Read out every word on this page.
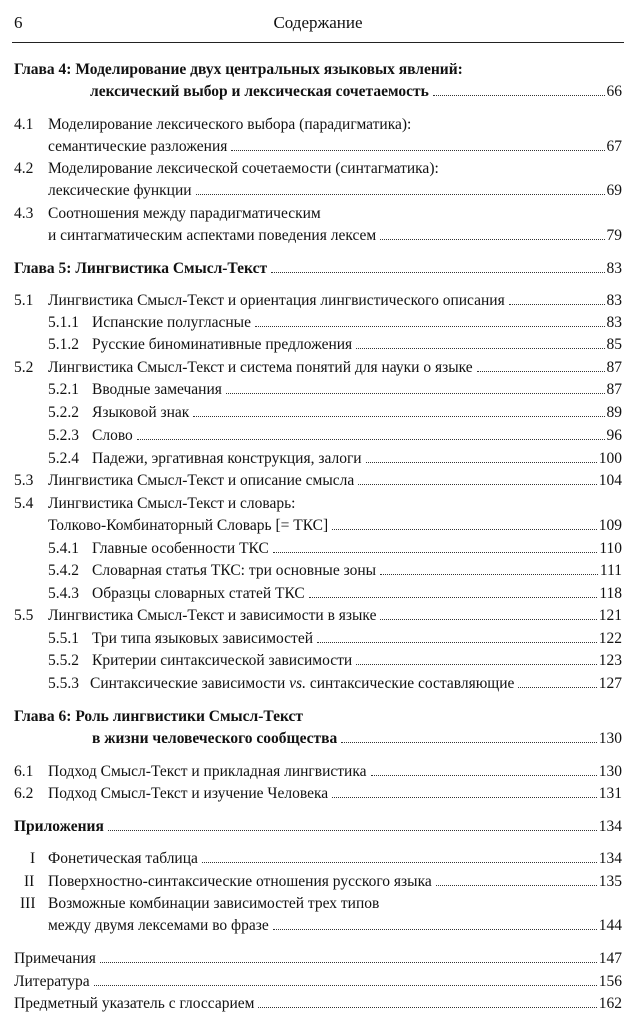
6	Содержание
Глава 4: Моделирование двух центральных языковых явлений:
лексический выбор и лексическая сочетаемость	66
4.1 Моделирование лексического выбора (парадигматика):
семантические разложения	67
4.2 Моделирование лексической сочетаемости (синтагматика):
лексические функции	69
4.3 Соотношения между парадигматическим
и синтагматическим аспектами поведения лексем	79
Глава 5: Лингвистика Смысл-Текст	83
5.1 Лингвистика Смысл-Текст и ориентация лингвистического описания	83
5.1.1 Испанские полугласные	83
5.1.2 Русские биноминативные предложения	85
5.2 Лингвистика Смысл-Текст и система понятий для науки о языке	87
5.2.1 Вводные замечания	87
5.2.2 Языковой знак	89
5.2.3 Слово	96
5.2.4 Падежи, эргативная конструкция, залоги	100
5.3 Лингвистика Смысл-Текст и описание смысла	104
5.4 Лингвистика Смысл-Текст и словарь:
Толково-Комбинаторный Словарь [= ТКС]	109
5.4.1 Главные особенности ТКС	110
5.4.2 Словарная статья ТКС: три основные зоны	111
5.4.3 Образцы словарных статей ТКС	118
5.5 Лингвистика Смысл-Текст и зависимости в языке	121
5.5.1 Три типа языковых зависимостей	122
5.5.2 Критерии синтаксической зависимости	123
5.5.3 Синтаксические зависимости vs. синтаксические составляющие	127
Глава 6: Роль лингвистики Смысл-Текст
в жизни человеческого сообщества	130
6.1 Подход Смысл-Текст и прикладная лингвистика	130
6.2 Подход Смысл-Текст и изучение Человека	131
Приложения	134
I Фонетическая таблица	134
II Поверхностно-синтаксические отношения русского языка	135
III Возможные комбинации зависимостей трех типов
между двумя лексемами во фразе	144
Примечания	147
Литература	156
Предметный указатель с глоссарием	162
